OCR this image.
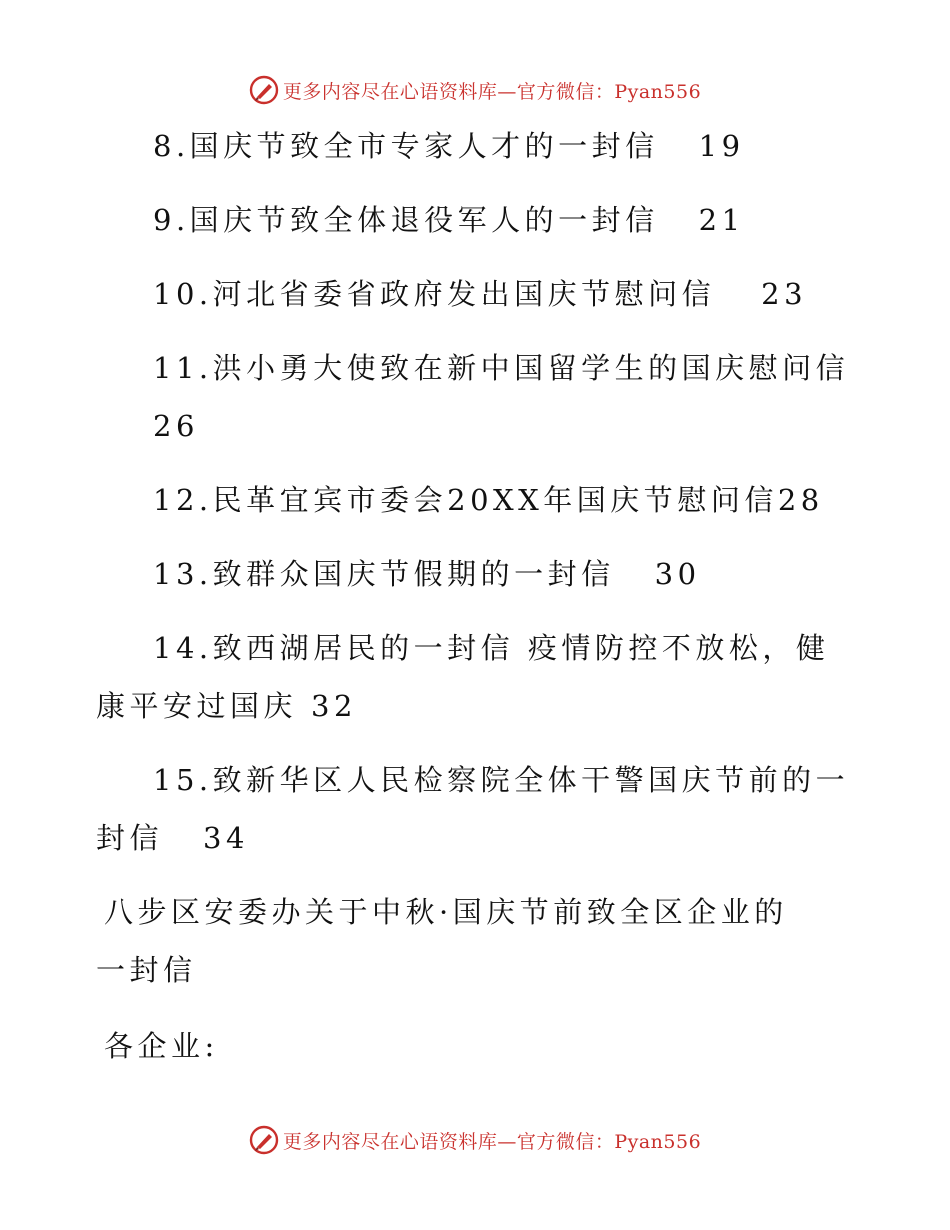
更多内容尽在心语资料库—官方微信：Pyan556
8.国庆节致全市专家人才的一封信 19
9.国庆节致全体退役军人的一封信 21
10.河北省委省政府发出国庆节慰问信 23
11.洪小勇大使致在新中国留学生的国庆慰问信
26
12.民革宜宾市委会20XX年国庆节慰问信28
13.致群众国庆节假期的一封信 30
14.致西湖居民的一封信 疫情防控不放松，健
康平安过国庆 32
15.致新华区人民检察院全体干警国庆节前的一
封信 34
八步区安委办关于中秋·国庆节前致全区企业的
一封信
各企业:
更多内容尽在心语资料库—官方微信：Pyan556
